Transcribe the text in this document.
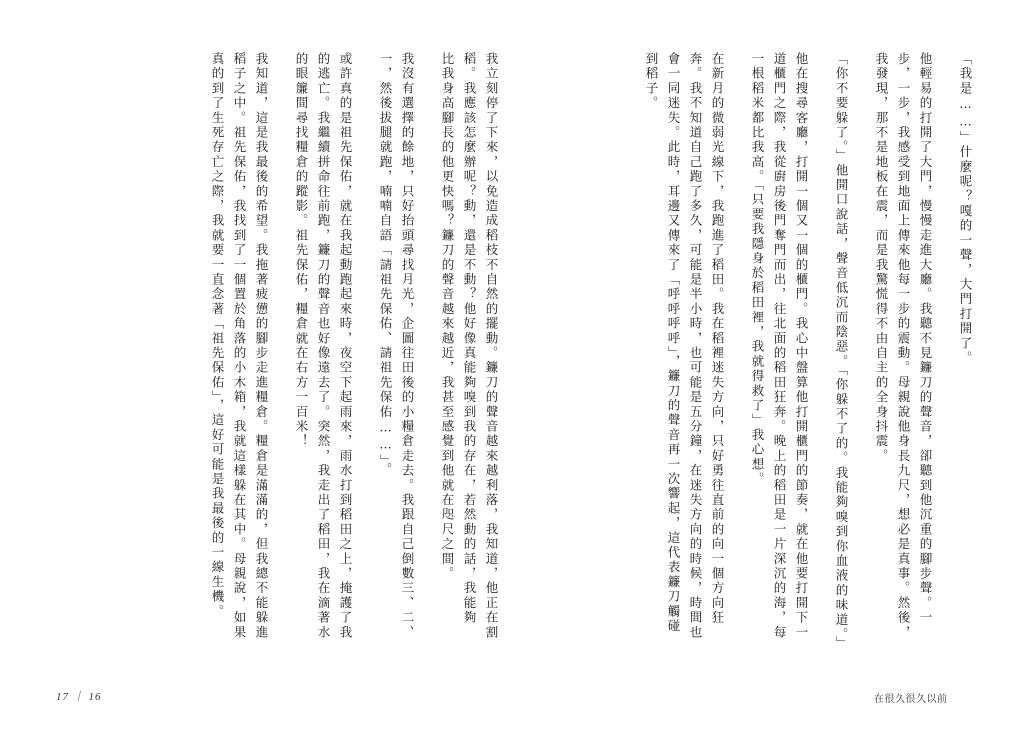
「我是……」什麼呢？嘎的一聲，大門打開了。
他輕易的打開了大門，慢慢走進大廳。我聽不見鐮刀的聲音，卻聽到他沉重的腳步聲。一
步，一步，我感受到地面上傳來他每一步的震動。母親說他身長九尺，想必是真事。然後，
我發現，那不是地板在震，而是我驚慌得不由自主的全身抖震。
「你不要躲了。」他開口說話，聲音低沉而陰惡。「你躲不了的。我能夠嗅到你血液的味道。」
他在搜尋客廳，打開一個又一個的櫃門。我心中盤算他打開櫃門的節奏，就在他要打開下一
道櫃門之際，我從廚房後門奪門而出，往北面的稻田狂奔。晚上的稻田是一片深沉的海，每
一根稻米都比我高。「只要我隱身於稻田裡，我就得救了」我心想。
在新月的微弱光線下，我跑進了稻田。我在稻裡迷失方向，只好勇往直前的向一個方向狂
奔。我不知道自己跑了多久，可能是半小時，也可能是五分鐘，在迷失方向的時候，時間也
會一同迷失。此時，耳邊又傳來了「呼呼呼呼」，鐮刀的聲音再一次響起，這代表鐮刀觸碰
到稻子。
我立刻停了下來，以免造成稻枝不自然的擺動。鐮刀的聲音越來越利落，我知道，他正在割
稻。我應該怎麼辦呢？動，還是不動？他好像真能夠嗅到我的存在，若然動的話，我能夠
比我身高腳長的他更快嗎？鐮刀的聲音越來越近，我甚至感覺到他就在咫尺之間。
我沒有選擇的餘地，只好抬頭尋找月光，企圖往田後的小糧倉走去。我跟自己倒數三、二、
一，然後拔腿就跑，喃喃自語「請祖先保佑、請祖先保佑……」。
或許真的是祖先保佑，就在我起動跑起來時，夜空下起雨來，雨水打到稻田之上，掩護了我
的逃亡。我繼續拼命往前跑，鐮刀的聲音也好像遠去了。突然，我走出了稻田，我在滴著水
的眼簾間尋找糧倉的蹤影。祖先保佑，糧倉就在右方一百米！
我知道，這是我最後的希望。我拖著疲憊的腳步走進糧倉。糧倉是滿滿的，但我總不能躲進
稻子之中。祖先保佑，我找到了一個置於角落的小木箱，我就這樣躲在其中。母親說，如果
真的到了生死存亡之際，我就要一直念著「祖先保佑」，這好可能是我最後的一線生機。
17 ｜ 16	在很久很久以前
